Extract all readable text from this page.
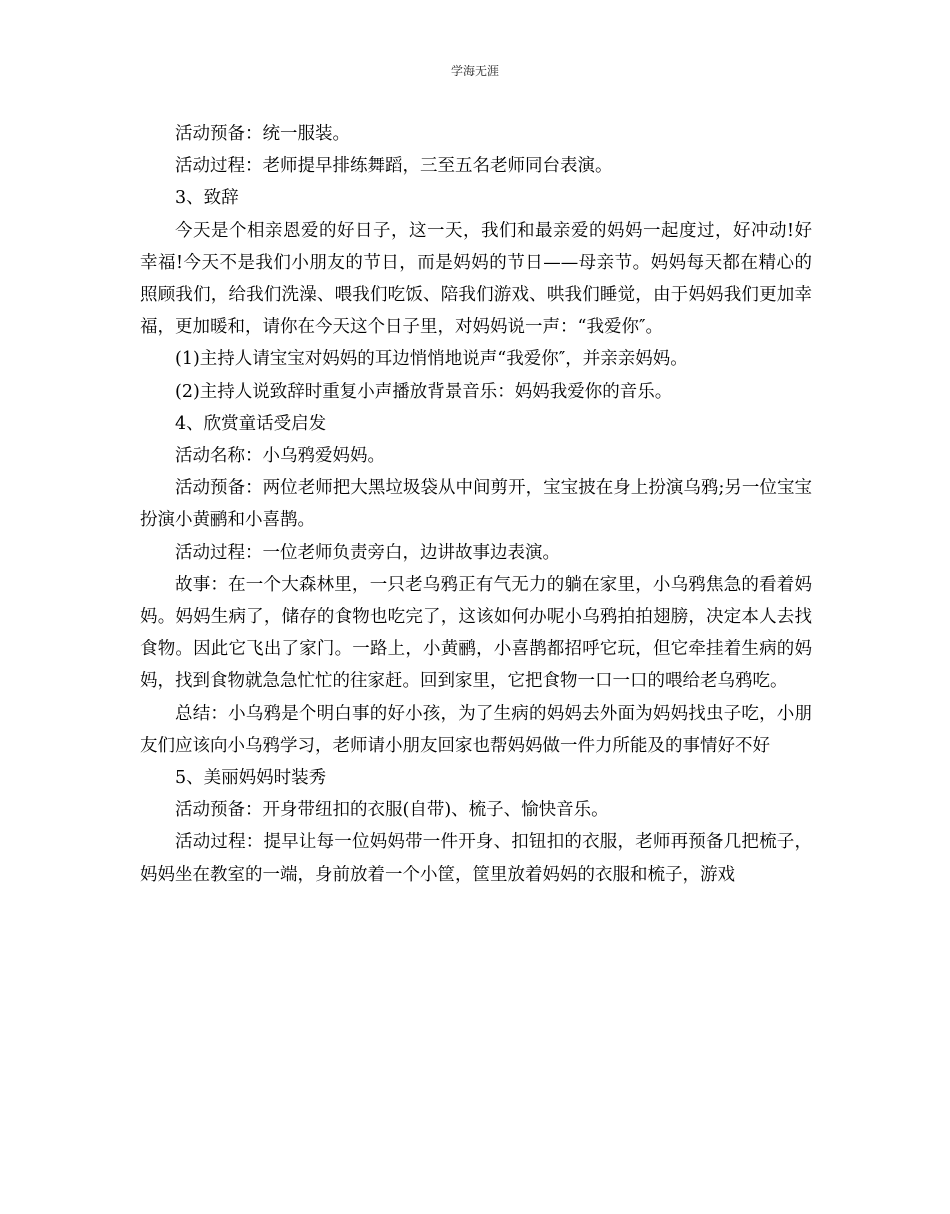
学海无涯

活动预备：统一服装。

活动过程：老师提早排练舞蹈，三至五名老师同台表演。

3、致辞

今天是个相亲恩爱的好日子，这一天，我们和最亲爱的妈妈一起度过，好冲动!好幸福!今天不是我们小朋友的节日，而是妈妈的节日——母亲节。妈妈每天都在精心的照顾我们，给我们洗澡、喂我们吃饭、陪我们游戏、哄我们睡觉，由于妈妈我们更加幸福，更加暖和，请你在今天这个日子里，对妈妈说一声：“我爱你″。

(1)主持人请宝宝对妈妈的耳边悄悄地说声“我爱你″，并亲亲妈妈。

(2)主持人说致辞时重复小声播放背景音乐：妈妈我爱你的音乐。

4、欣赏童话受启发

活动名称：小乌鸦爱妈妈。

活动预备：两位老师把大黑垃圾袋从中间剪开，宝宝披在身上扮演乌鸦;另一位宝宝扮演小黄鹂和小喜鹊。

活动过程：一位老师负责旁白，边讲故事边表演。

故事：在一个大森林里，一只老乌鸦正有气无力的躺在家里，小乌鸦焦急的看着妈妈。妈妈生病了，储存的食物也吃完了，这该如何办呢小乌鸦拍拍翅膀，决定本人去找食物。因此它飞出了家门。一路上，小黄鹂，小喜鹊都招呼它玩，但它牵挂着生病的妈妈，找到食物就急急忙忙的往家赶。回到家里，它把食物一口一口的喂给老乌鸦吃。

总结：小乌鸦是个明白事的好小孩，为了生病的妈妈去外面为妈妈找虫子吃，小朋友们应该向小乌鸦学习，老师请小朋友回家也帮妈妈做一件力所能及的事情好不好

5、美丽妈妈时装秀

活动预备：开身带纽扣的衣服(自带)、梳子、愉快音乐。

活动过程：提早让每一位妈妈带一件开身、扣钮扣的衣服，老师再预备几把梳子，妈妈坐在教室的一端，身前放着一个小筐，筐里放着妈妈的衣服和梳子，游戏
